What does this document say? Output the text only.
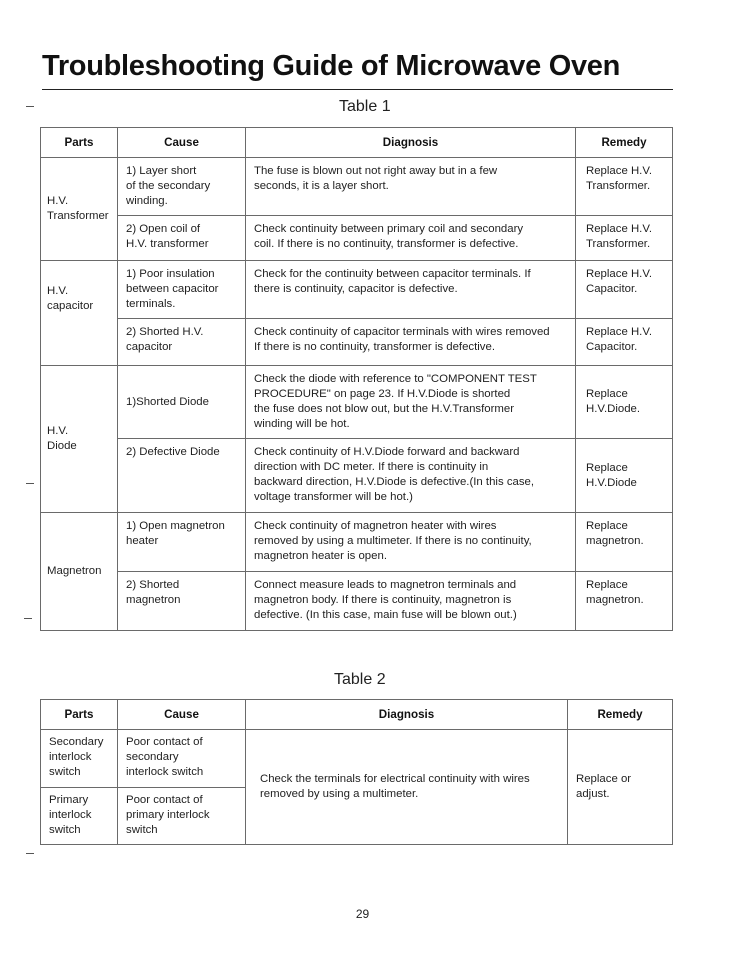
Troubleshooting Guide of Microwave Oven
Table 1
Parts	Cause	Diagnosis	Remedy

H.V.
Transformer	1) Layer short
of the secondary
winding.	The fuse is blown out not right away but in a few
seconds, it is a layer short.	Replace H.V.
Transformer.

	2) Open coil of
H.V. transformer	Check continuity between primary coil and secondary
coil. If there is no continuity, transformer is defective.	Replace H.V.
Transformer.

H.V.
capacitor	1) Poor insulation
between capacitor
terminals.	Check for the continuity between capacitor terminals. If
there is continuity, capacitor is defective.	Replace H.V.
Capacitor.

	2) Shorted H.V.
capacitor	Check continuity of capacitor terminals with wires removed
If there is no continuity, transformer is defective.	Replace H.V.
Capacitor.

H.V.
Diode	1)Shorted Diode	Check the diode with reference to "COMPONENT TEST
PROCEDURE" on page 23. If H.V.Diode is shorted
the fuse does not blow out, but the H.V.Transformer
winding will be hot.	Replace
H.V.Diode.

	2) Defective Diode	Check continuity of H.V.Diode forward and backward
direction with DC meter. If there is continuity in
backward direction, H.V.Diode is defective.(In this case,
voltage transformer will be hot.)	Replace
H.V.Diode

Magnetron	1) Open magnetron
heater	Check continuity of magnetron heater with wires
removed by using a multimeter. If there is no continuity,
magnetron heater is open.	Replace
magnetron.

	2) Shorted
magnetron	Connect measure leads to magnetron terminals and
magnetron body. If there is continuity, magnetron is
defective. (In this case, main fuse will be blown out.)	Replace
magnetron.
Table 2
Parts	Cause	Diagnosis	Remedy

Secondary
interlock
switch	Poor contact of
secondary
interlock switch	Check the terminals for electrical continuity with wires
removed by using a multimeter.	Replace or adjust.

Primary
interlock
switch	Poor contact of
primary interlock
switch		
29
